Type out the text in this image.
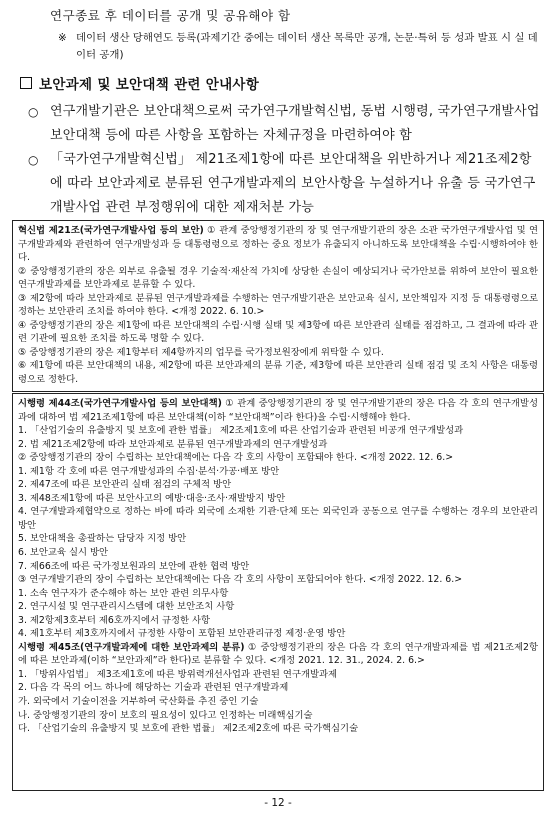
연구종료 후 데이터를 공개 및 공유해야 함
※ 데이터 생산 당해연도 등록(과제기간 중에는 데이터 생산 목록만 공개, 논문·특허 등 성과 발표 시 실 데이터 공개)
보안과제 및 보안대책 관련 안내사항
○ 연구개발기관은 보안대책으로써 국가연구개발혁신법, 동법 시행령, 국가연구개발사업 보안대책 등에 따른 사항을 포함하는 자체규정을 마련하여야 함
○ 「국가연구개발혁신법」 제21조제1항에 따른 보안대책을 위반하거나 제21조제2항에 따라 보안과제로 분류된 연구개발과제의 보안사항을 누설하거나 유출 등 국가연구개발사업 관련 부정행위에 대한 제재처분 가능

혁신법 제21조(국가연구개발사업 등의 보안) ① 관계 중앙행정기관의 장 및 연구개발기관의 장은 소관 국가연구개발사업 및 연구개발과제와 관련하여 연구개발성과 등 대통령령으로 정하는 중요 정보가 유출되지 아니하도록 보안대책을 수립·시행하여야 한다.

② 중앙행정기관의 장은 외부로 유출될 경우 기술적·재산적 가치에 상당한 손실이 예상되거나 국가안보를 위하여 보안이 필요한 연구개발과제를 보안과제로 분류할 수 있다.

③ 제2항에 따라 보안과제로 분류된 연구개발과제를 수행하는 연구개발기관은 보안교육 실시, 보안책임자 지정 등 대통령령으로 정하는 보안관리 조치를 하여야 한다. <개정 2022. 6. 10.>

④ 중앙행정기관의 장은 제1항에 따른 보안대책의 수립·시행 실태 및 제3항에 따른 보안관리 실태를 점검하고, 그 결과에 따라 관련 기관에 필요한 조치를 하도록 명할 수 있다.

⑤ 중앙행정기관의 장은 제1항부터 제4항까지의 업무를 국가정보원장에게 위탁할 수 있다.

⑥ 제1항에 따른 보안대책의 내용, 제2항에 따른 보안과제의 분류 기준, 제3항에 따른 보안관리 실태 점검 및 조치 사항은 대통령령으로 정한다.

시행령 제44조(국가연구개발사업 등의 보안대책) ① 관계 중앙행정기관의 장 및 연구개발기관의 장은 다음 각 호의 연구개발성과에 대하여 법 제21조제1항에 따른 보안대책(이하 “보안대책”이라 한다)을 수립·시행해야 한다.

1. 「산업기술의 유출방지 및 보호에 관한 법률」 제2조제1호에 따른 산업기술과 관련된 비공개 연구개발성과

2. 법 제21조제2항에 따라 보안과제로 분류된 연구개발과제의 연구개발성과

② 중앙행정기관의 장이 수립하는 보안대책에는 다음 각 호의 사항이 포함돼야 한다. <개정 2022. 12. 6.>

1. 제1항 각 호에 따른 연구개발성과의 수집·분석·가공·배포 방안

2. 제47조에 따른 보안관리 실태 점검의 구체적 방안

3. 제48조제1항에 따른 보안사고의 예방·대응·조사·재발방지 방안

4. 연구개발과제협약으로 정하는 바에 따라 외국에 소재한 기관·단체 또는 외국인과 공동으로 연구를 수행하는 경우의 보안관리 방안

5. 보안대책을 총괄하는 담당자 지정 방안

6. 보안교육 실시 방안

7. 제66조에 따른 국가정보원과의 보안에 관한 협력 방안

③ 연구개발기관의 장이 수립하는 보안대책에는 다음 각 호의 사항이 포함되어야 한다. <개정 2022. 12. 6.>

1. 소속 연구자가 준수해야 하는 보안 관련 의무사항

2. 연구시설 및 연구관리시스템에 대한 보안조치 사항

3. 제2항제3호부터 제6호까지에서 규정한 사항

4. 제1호부터 제3호까지에서 규정한 사항이 포함된 보안관리규정 제정·운영 방안

시행령 제45조(연구개발과제에 대한 보안과제의 분류) ① 중앙행정기관의 장은 다음 각 호의 연구개발과제를 법 제21조제2항에 따른 보안과제(이하 “보안과제”라 한다)로 분류할 수 있다. <개정 2021. 12. 31., 2024. 2. 6.>

1. 「방위사업법」 제3조제1호에 따른 방위력개선사업과 관련된 연구개발과제

2. 다음 각 목의 어느 하나에 해당하는 기술과 관련된 연구개발과제

가. 외국에서 기술이전을 거부하여 국산화를 추진 중인 기술

나. 중앙행정기관의 장이 보호의 필요성이 있다고 인정하는 미래핵심기술

다. 「산업기술의 유출방지 및 보호에 관한 법률」 제2조제2호에 따른 국가핵심기술

- 12 -
